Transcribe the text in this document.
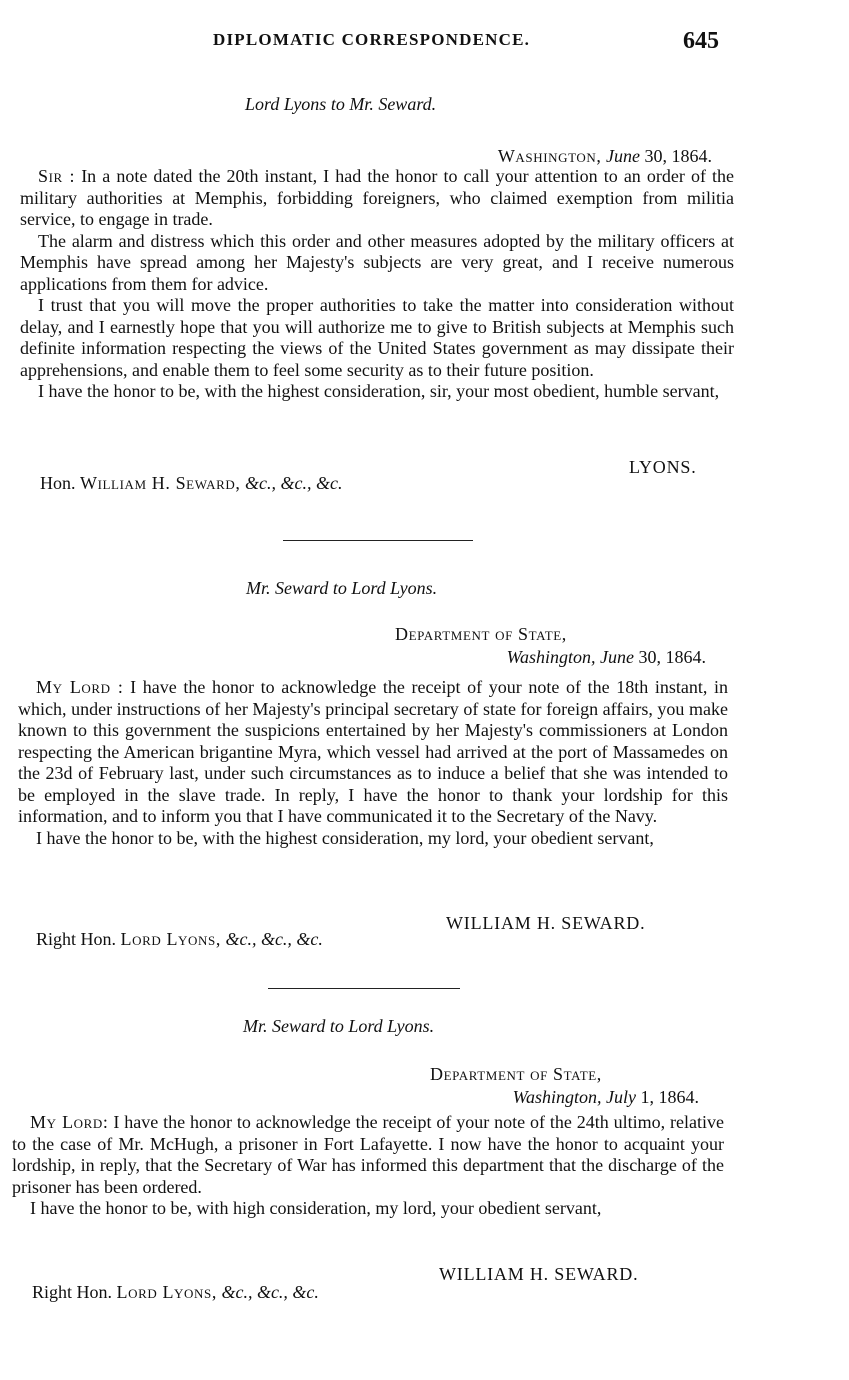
DIPLOMATIC CORRESPONDENCE.	645
Lord Lyons to Mr. Seward.
Washington, June 30, 1864.

Sir : In a note dated the 20th instant, I had the honor to call your attention to an order of the military authorities at Memphis, forbidding foreigners, who claimed exemption from militia service, to engage in trade.

The alarm and distress which this order and other measures adopted by the military officers at Memphis have spread among her Majesty's subjects are very great, and I receive numerous applications from them for advice.

I trust that you will move the proper authorities to take the matter into consideration without delay, and I earnestly hope that you will authorize me to give to British subjects at Memphis such definite information respecting the views of the United States government as may dissipate their apprehensions, and enable them to feel some security as to their future position.

I have the honor to be, with the highest consideration, sir, your most obedient, humble servant,

LYONS.
Hon. William H. Seward, &c., &c., &c.
Mr. Seward to Lord Lyons.
Department of State,
Washington, June 30, 1864.

My Lord : I have the honor to acknowledge the receipt of your note of the 18th instant, in which, under instructions of her Majesty's principal secretary of state for foreign affairs, you make known to this government the suspicions entertained by her Majesty's commissioners at London respecting the American brigantine Myra, which vessel had arrived at the port of Massamedes on the 23d of February last, under such circumstances as to induce a belief that she was intended to be employed in the slave trade. In reply, I have the honor to thank your lordship for this information, and to inform you that I have communicated it to the Secretary of the Navy.

I have the honor to be, with the highest consideration, my lord, your obedient servant,

WILLIAM H. SEWARD.
Right Hon. Lord Lyons, &c., &c., &c.
Mr. Seward to Lord Lyons.
Department of State,
Washington, July 1, 1864.

My Lord: I have the honor to acknowledge the receipt of your note of the 24th ultimo, relative to the case of Mr. McHugh, a prisoner in Fort Lafayette. I now have the honor to acquaint your lordship, in reply, that the Secretary of War has informed this department that the discharge of the prisoner has been ordered.

I have the honor to be, with high consideration, my lord, your obedient servant,

WILLIAM H. SEWARD.
Right Hon. Lord Lyons, &c., &c., &c.
